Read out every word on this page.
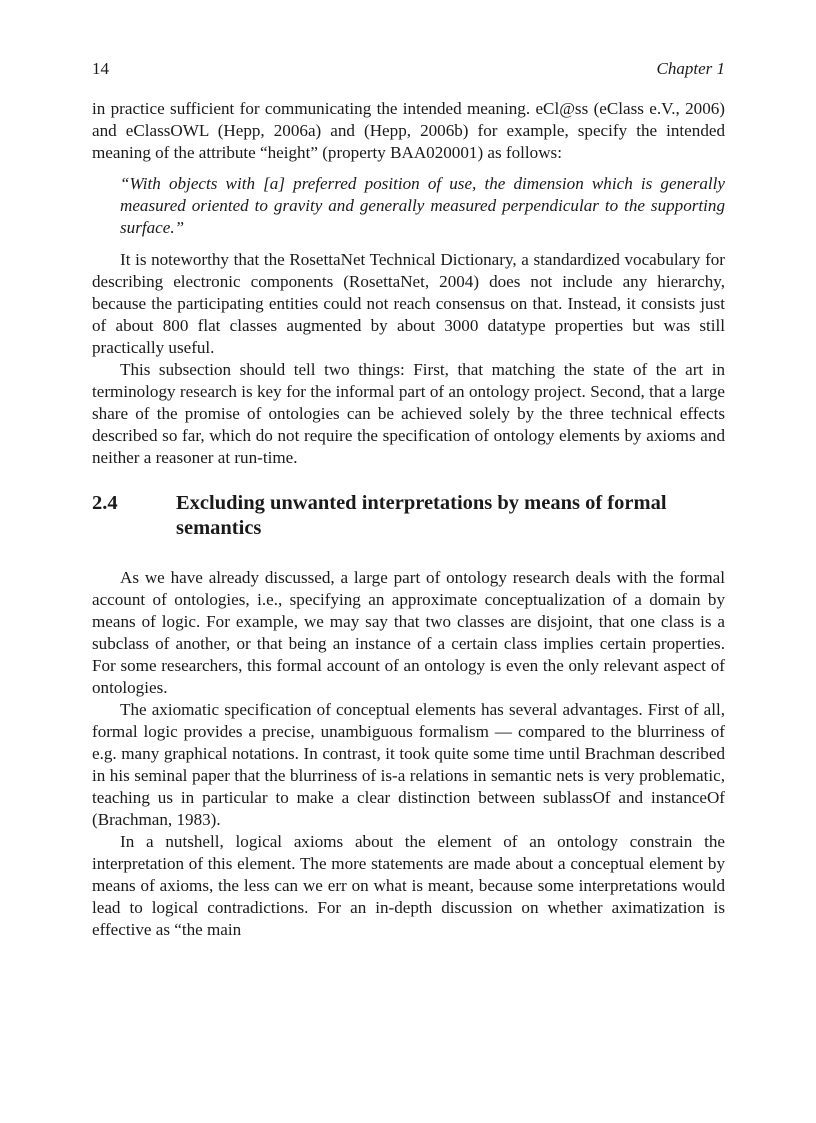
14	Chapter 1

in practice sufficient for communicating the intended meaning. eCl@ss (eClass e.V., 2006) and eClassOWL (Hepp, 2006a) and (Hepp, 2006b) for example, specify the intended meaning of the attribute “height” (property BAA020001) as follows:

“With objects with [a] preferred position of use, the dimension which is generally measured oriented to gravity and generally measured perpendicular to the supporting surface.”

It is noteworthy that the RosettaNet Technical Dictionary, a standardized vocabulary for describing electronic components (RosettaNet, 2004) does not include any hierarchy, because the participating entities could not reach consensus on that. Instead, it consists just of about 800 flat classes augmented by about 3000 datatype properties but was still practically useful.

This subsection should tell two things: First, that matching the state of the art in terminology research is key for the informal part of an ontology project. Second, that a large share of the promise of ontologies can be achieved solely by the three technical effects described so far, which do not require the specification of ontology elements by axioms and neither a reasoner at run-time.

2.4	Excluding unwanted interpretations by means of formal semantics

As we have already discussed, a large part of ontology research deals with the formal account of ontologies, i.e., specifying an approximate conceptualization of a domain by means of logic. For example, we may say that two classes are disjoint, that one class is a subclass of another, or that being an instance of a certain class implies certain properties. For some researchers, this formal account of an ontology is even the only relevant aspect of ontologies.

The axiomatic specification of conceptual elements has several advantages. First of all, formal logic provides a precise, unambiguous formalism — compared to the blurriness of e.g. many graphical notations. In contrast, it took quite some time until Brachman described in his seminal paper that the blurriness of is-a relations in semantic nets is very problematic, teaching us in particular to make a clear distinction between sublassOf and instanceOf (Brachman, 1983).

In a nutshell, logical axioms about the element of an ontology constrain the interpretation of this element. The more statements are made about a conceptual element by means of axioms, the less can we err on what is meant, because some interpretations would lead to logical contradictions. For an in-depth discussion on whether aximatization is effective as “the main
